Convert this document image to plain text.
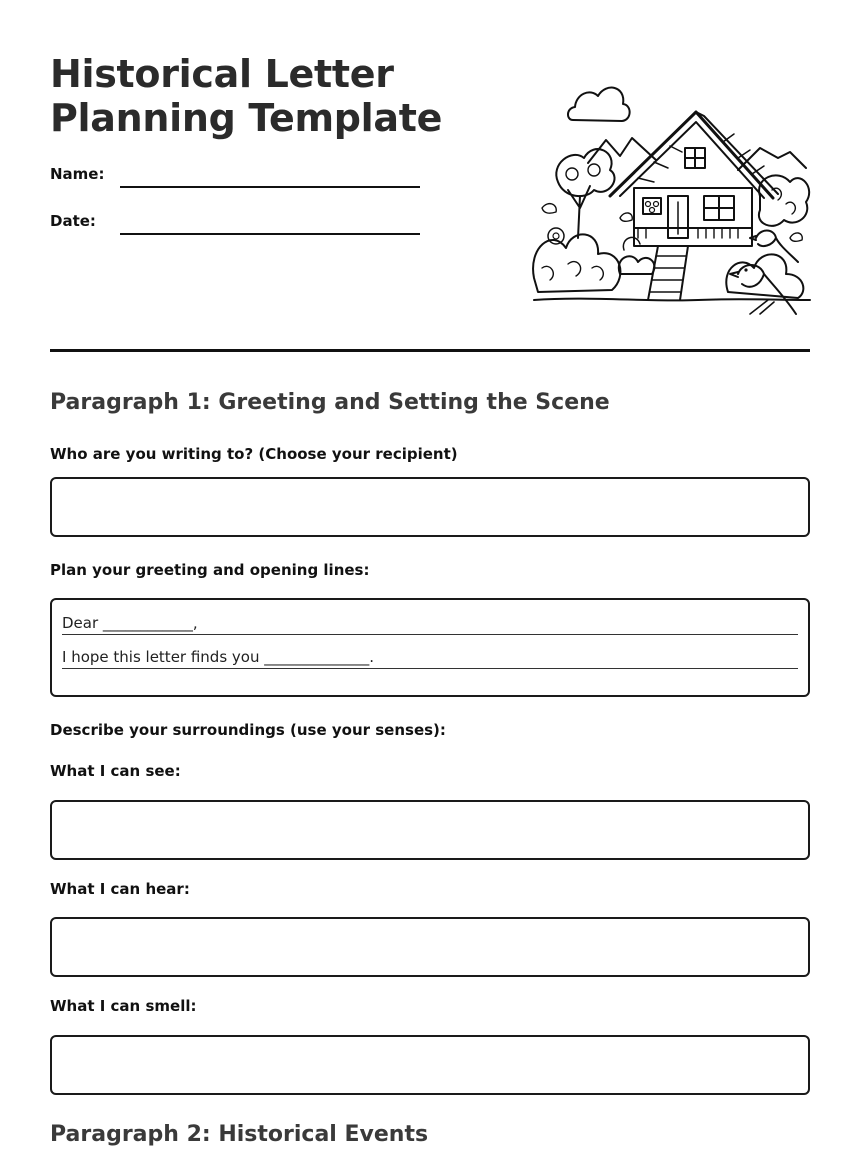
Historical Letter
Planning Template
Name:
Date:
Paragraph 1: Greeting and Setting the Scene

Who are you writing to? (Choose your recipient)

Plan your greeting and opening lines:

Dear ____________,
I hope this letter finds you ______________.

Describe your surroundings (use your senses):

What I can see:

What I can hear:

What I can smell:

Paragraph 2: Historical Events
